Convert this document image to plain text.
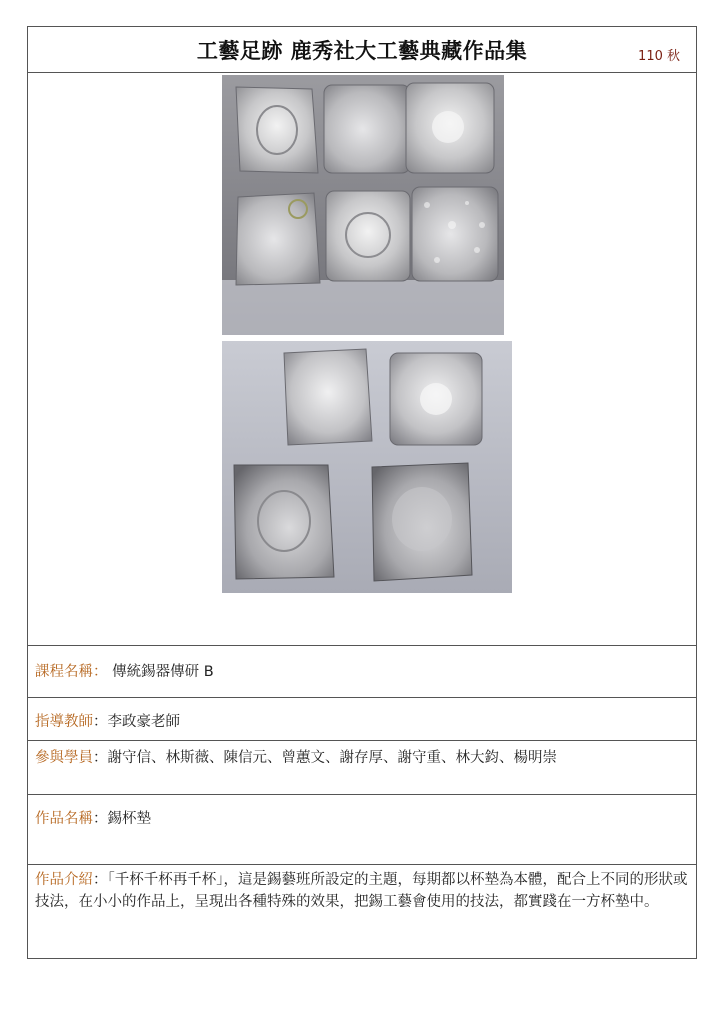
工藝足跡 鹿秀社大工藝典藏作品集	110 秋
課程名稱： 傳統錫器傳研 B
指導教師：李政豪老師
參與學員：謝守信、林斯薇、陳信元、曾蕙文、謝存厚、謝守重、林大鈞、楊明崇
作品名稱：錫杯墊
作品介紹：「千杯千杯再千杯」，這是錫藝班所設定的主題，每期都以杯墊為本體，配合上不同的形狀或技法，在小小的作品上，呈現出各種特殊的效果，把錫工藝會使用的技法，都實踐在一方杯墊中。
